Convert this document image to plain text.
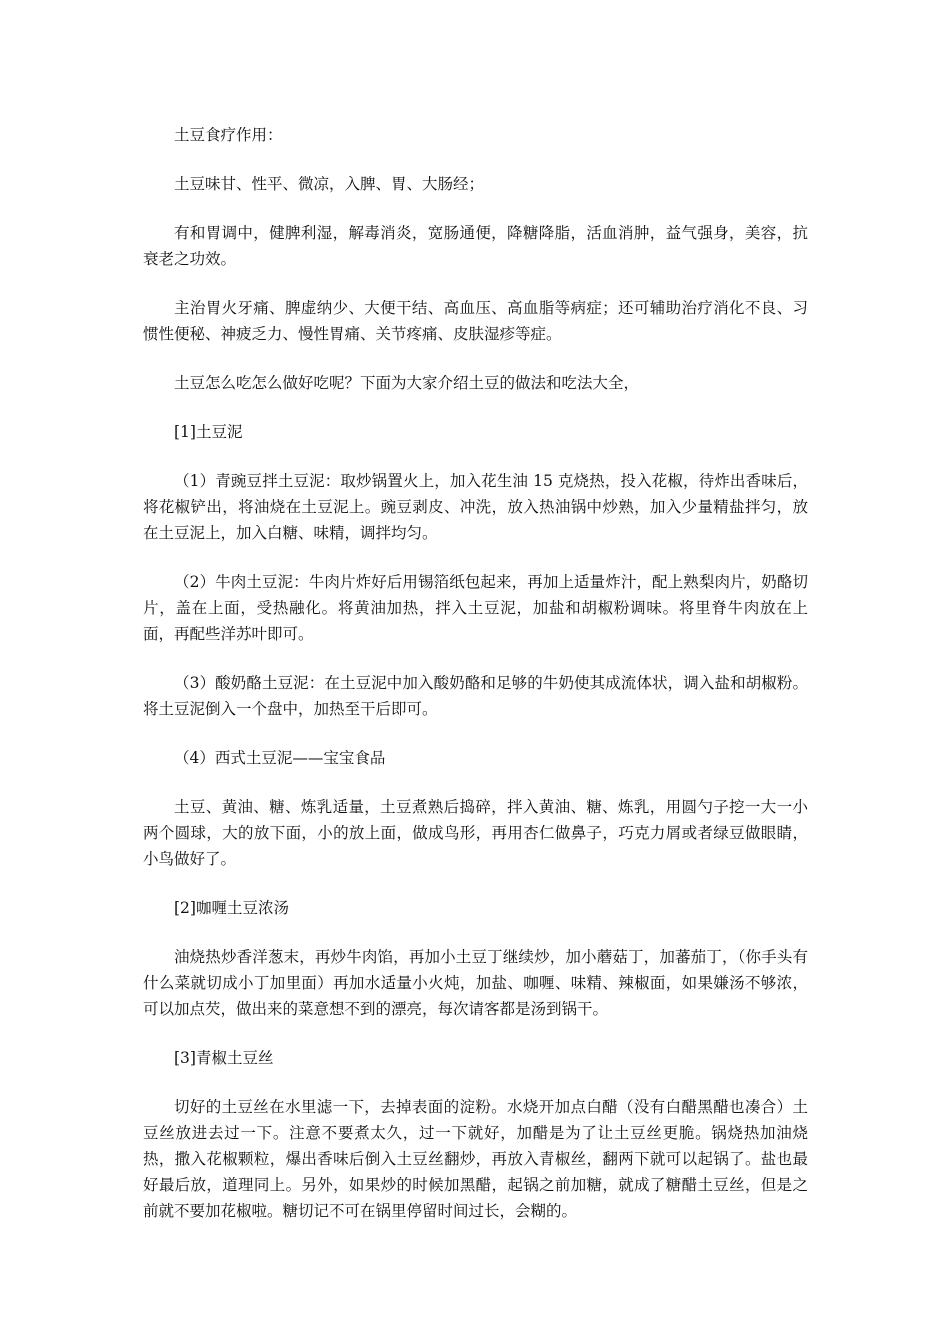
土豆食疗作用：

土豆味甘、性平、微凉，入脾、胃、大肠经；

有和胃调中，健脾利湿，解毒消炎，宽肠通便，降糖降脂，活血消肿，益气强身，美容，抗衰老之功效。

主治胃火牙痛、脾虚纳少、大便干结、高血压、高血脂等病症；还可辅助治疗消化不良、习惯性便秘、神疲乏力、慢性胃痛、关节疼痛、皮肤湿疹等症。

土豆怎么吃怎么做好吃呢？下面为大家介绍土豆的做法和吃法大全，

[1]土豆泥

（1）青豌豆拌土豆泥：取炒锅置火上，加入花生油 15 克烧热，投入花椒，待炸出香味后，将花椒铲出，将油烧在土豆泥上。豌豆剥皮、冲洗，放入热油锅中炒熟，加入少量精盐拌匀，放在土豆泥上，加入白糖、味精，调拌均匀。

（2）牛肉土豆泥：牛肉片炸好后用锡箔纸包起来，再加上适量炸汁，配上熟梨肉片，奶酪切片，盖在上面，受热融化。将黄油加热，拌入土豆泥，加盐和胡椒粉调味。将里脊牛肉放在上面，再配些洋苏叶即可。

（3）酸奶酪土豆泥：在土豆泥中加入酸奶酪和足够的牛奶使其成流体状，调入盐和胡椒粉。将土豆泥倒入一个盘中，加热至干后即可。

（4）西式土豆泥——宝宝食品

土豆、黄油、糖、炼乳适量，土豆煮熟后捣碎，拌入黄油、糖、炼乳，用圆勺子挖一大一小两个圆球，大的放下面，小的放上面，做成鸟形，再用杏仁做鼻子，巧克力屑或者绿豆做眼睛，小鸟做好了。

[2]咖喱土豆浓汤

油烧热炒香洋葱末，再炒牛肉馅，再加小土豆丁继续炒，加小蘑菇丁，加蕃茄丁，（你手头有什么菜就切成小丁加里面）再加水适量小火炖，加盐、咖喱、味精、辣椒面，如果嫌汤不够浓，可以加点芡，做出来的菜意想不到的漂亮，每次请客都是汤到锅干。

[3]青椒土豆丝

切好的土豆丝在水里滤一下，去掉表面的淀粉。水烧开加点白醋（没有白醋黑醋也凑合）土豆丝放进去过一下。注意不要煮太久，过一下就好，加醋是为了让土豆丝更脆。锅烧热加油烧热，撒入花椒颗粒，爆出香味后倒入土豆丝翻炒，再放入青椒丝，翻两下就可以起锅了。盐也最好最后放，道理同上。另外，如果炒的时候加黑醋，起锅之前加糖，就成了糖醋土豆丝，但是之前就不要加花椒啦。糖切记不可在锅里停留时间过长，会糊的。
